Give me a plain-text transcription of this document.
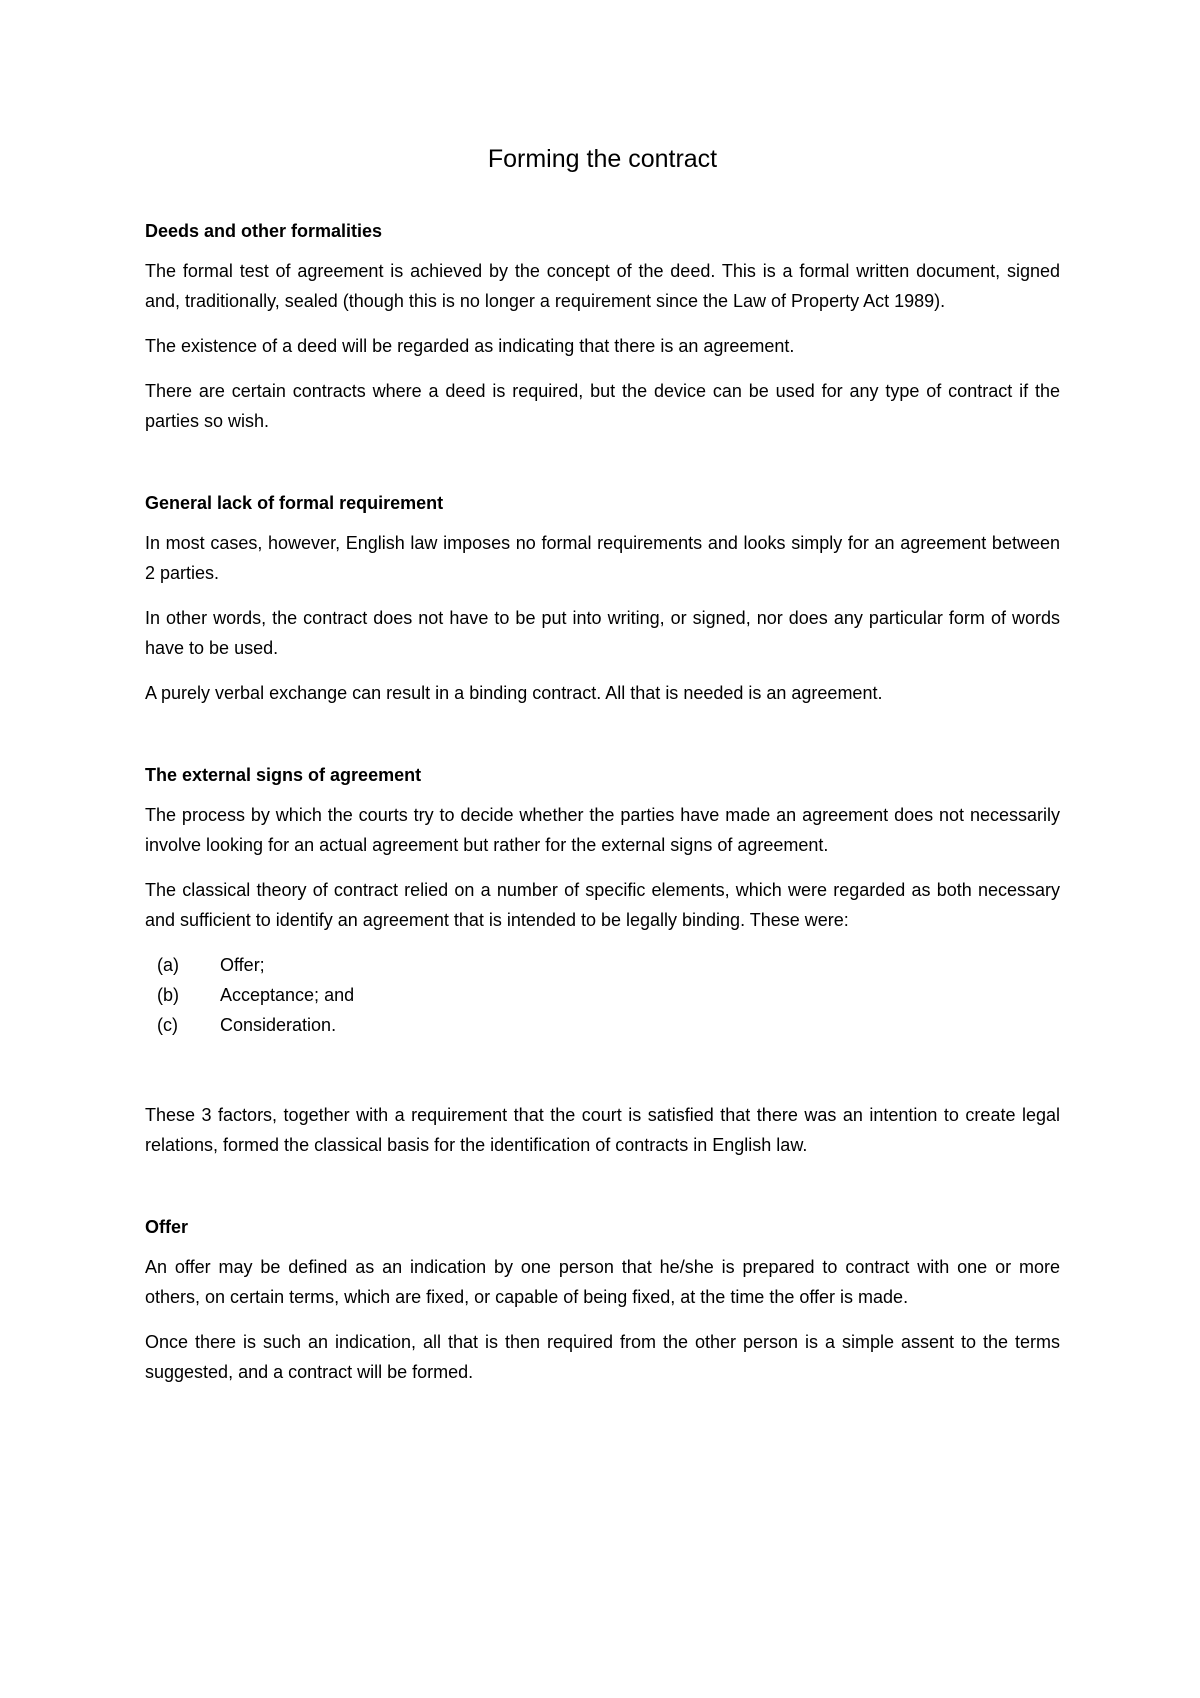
Forming the contract
Deeds and other formalities

The formal test of agreement is achieved by the concept of the deed. This is a formal written document, signed and, traditionally, sealed (though this is no longer a requirement since the Law of Property Act 1989).

The existence of a deed will be regarded as indicating that there is an agreement.

There are certain contracts where a deed is required, but the device can be used for any type of contract if the parties so wish.

General lack of formal requirement

In most cases, however, English law imposes no formal requirements and looks simply for an agreement between 2 parties.

In other words, the contract does not have to be put into writing, or signed, nor does any particular form of words have to be used.

A purely verbal exchange can result in a binding contract. All that is needed is an agreement.

The external signs of agreement

The process by which the courts try to decide whether the parties have made an agreement does not necessarily involve looking for an actual agreement but rather for the external signs of agreement.

The classical theory of contract relied on a number of specific elements, which were regarded as both necessary and sufficient to identify an agreement that is intended to be legally binding. These were:

(a)	Offer;
(b)	Acceptance; and
(c)	Consideration.

These 3 factors, together with a requirement that the court is satisfied that there was an intention to create legal relations, formed the classical basis for the identification of contracts in English law.

Offer

An offer may be defined as an indication by one person that he/she is prepared to contract with one or more others, on certain terms, which are fixed, or capable of being fixed, at the time the offer is made.

Once there is such an indication, all that is then required from the other person is a simple assent to the terms suggested, and a contract will be formed.
